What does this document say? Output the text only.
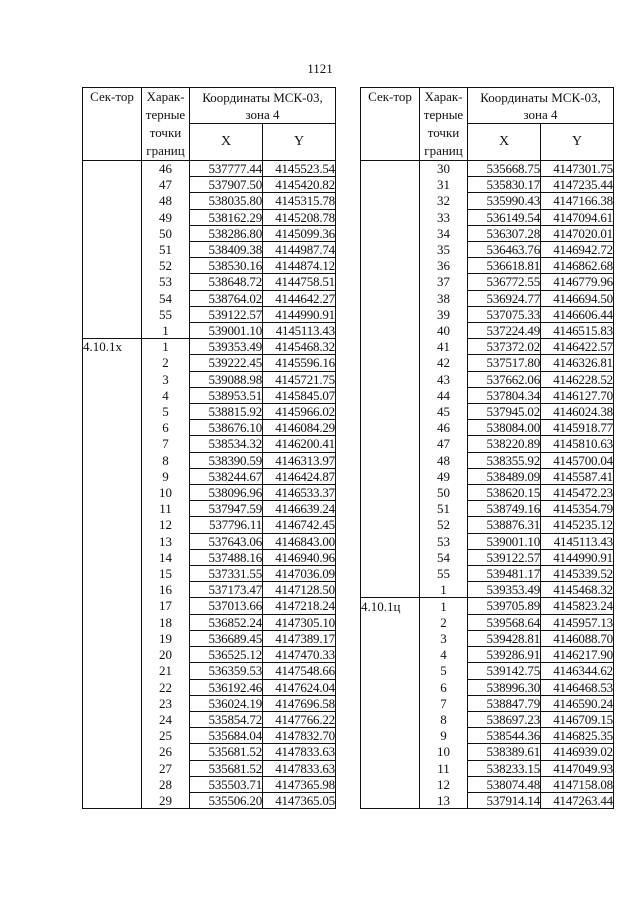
1121
Сек-тор	Харак-терные точки границ	Координаты МСК-03, зона 4	
		X	Y
	46	537777.44	4145523.54
	47	537907.50	4145420.82
	48	538035.80	4145315.78
	49	538162.29	4145208.78
	50	538286.80	4145099.36
	51	538409.38	4144987.74
	52	538530.16	4144874.12
	53	538648.72	4144758.51
	54	538764.02	4144642.27
	55	539122.57	4144990.91
	1	539001.10	4145113.43
4.10.1х	1	539353.49	4145468.32
	2	539222.45	4145596.16
	3	539088.98	4145721.75
	4	538953.51	4145845.07
	5	538815.92	4145966.02
	6	538676.10	4146084.29
	7	538534.32	4146200.41
	8	538390.59	4146313.97
	9	538244.67	4146424.87
	10	538096.96	4146533.37
	11	537947.59	4146639.24
	12	537796.11	4146742.45
	13	537643.06	4146843.00
	14	537488.16	4146940.96
	15	537331.55	4147036.09
	16	537173.47	4147128.50
	17	537013.66	4147218.24
	18	536852.24	4147305.10
	19	536689.45	4147389.17
	20	536525.12	4147470.33
	21	536359.53	4147548.66
	22	536192.46	4147624.04
	23	536024.19	4147696.58
	24	535854.72	4147766.22
	25	535684.04	4147832.70
	26	535681.52	4147833.63
	27	535681.52	4147833.63
	28	535503.71	4147365.98
	29	535506.20	4147365.05
Сек-тор	Харак-терные точки границ	Координаты МСК-03, зона 4	
		X	Y
	30	535668.75	4147301.75
	31	535830.17	4147235.44
	32	535990.43	4147166.38
	33	536149.54	4147094.61
	34	536307.28	4147020.01
	35	536463.76	4146942.72
	36	536618.81	4146862.68
	37	536772.55	4146779.96
	38	536924.77	4146694.50
	39	537075.33	4146606.44
	40	537224.49	4146515.83
	41	537372.02	4146422.57
	42	537517.80	4146326.81
	43	537662.06	4146228.52
	44	537804.34	4146127.70
	45	537945.02	4146024.38
	46	538084.00	4145918.77
	47	538220.89	4145810.63
	48	538355.92	4145700.04
	49	538489.09	4145587.41
	50	538620.15	4145472.23
	51	538749.16	4145354.79
	52	538876.31	4145235.12
	53	539001.10	4145113.43
	54	539122.57	4144990.91
	55	539481.17	4145339.52
	1	539353.49	4145468.32
4.10.1ц	1	539705.89	4145823.24
	2	539568.64	4145957.13
	3	539428.81	4146088.70
	4	539286.91	4146217.90
	5	539142.75	4146344.62
	6	538996.30	4146468.53
	7	538847.79	4146590.24
	8	538697.23	4146709.15
	9	538544.36	4146825.35
	10	538389.61	4146939.02
	11	538233.15	4147049.93
	12	538074.48	4147158.08
	13	537914.14	4147263.44
